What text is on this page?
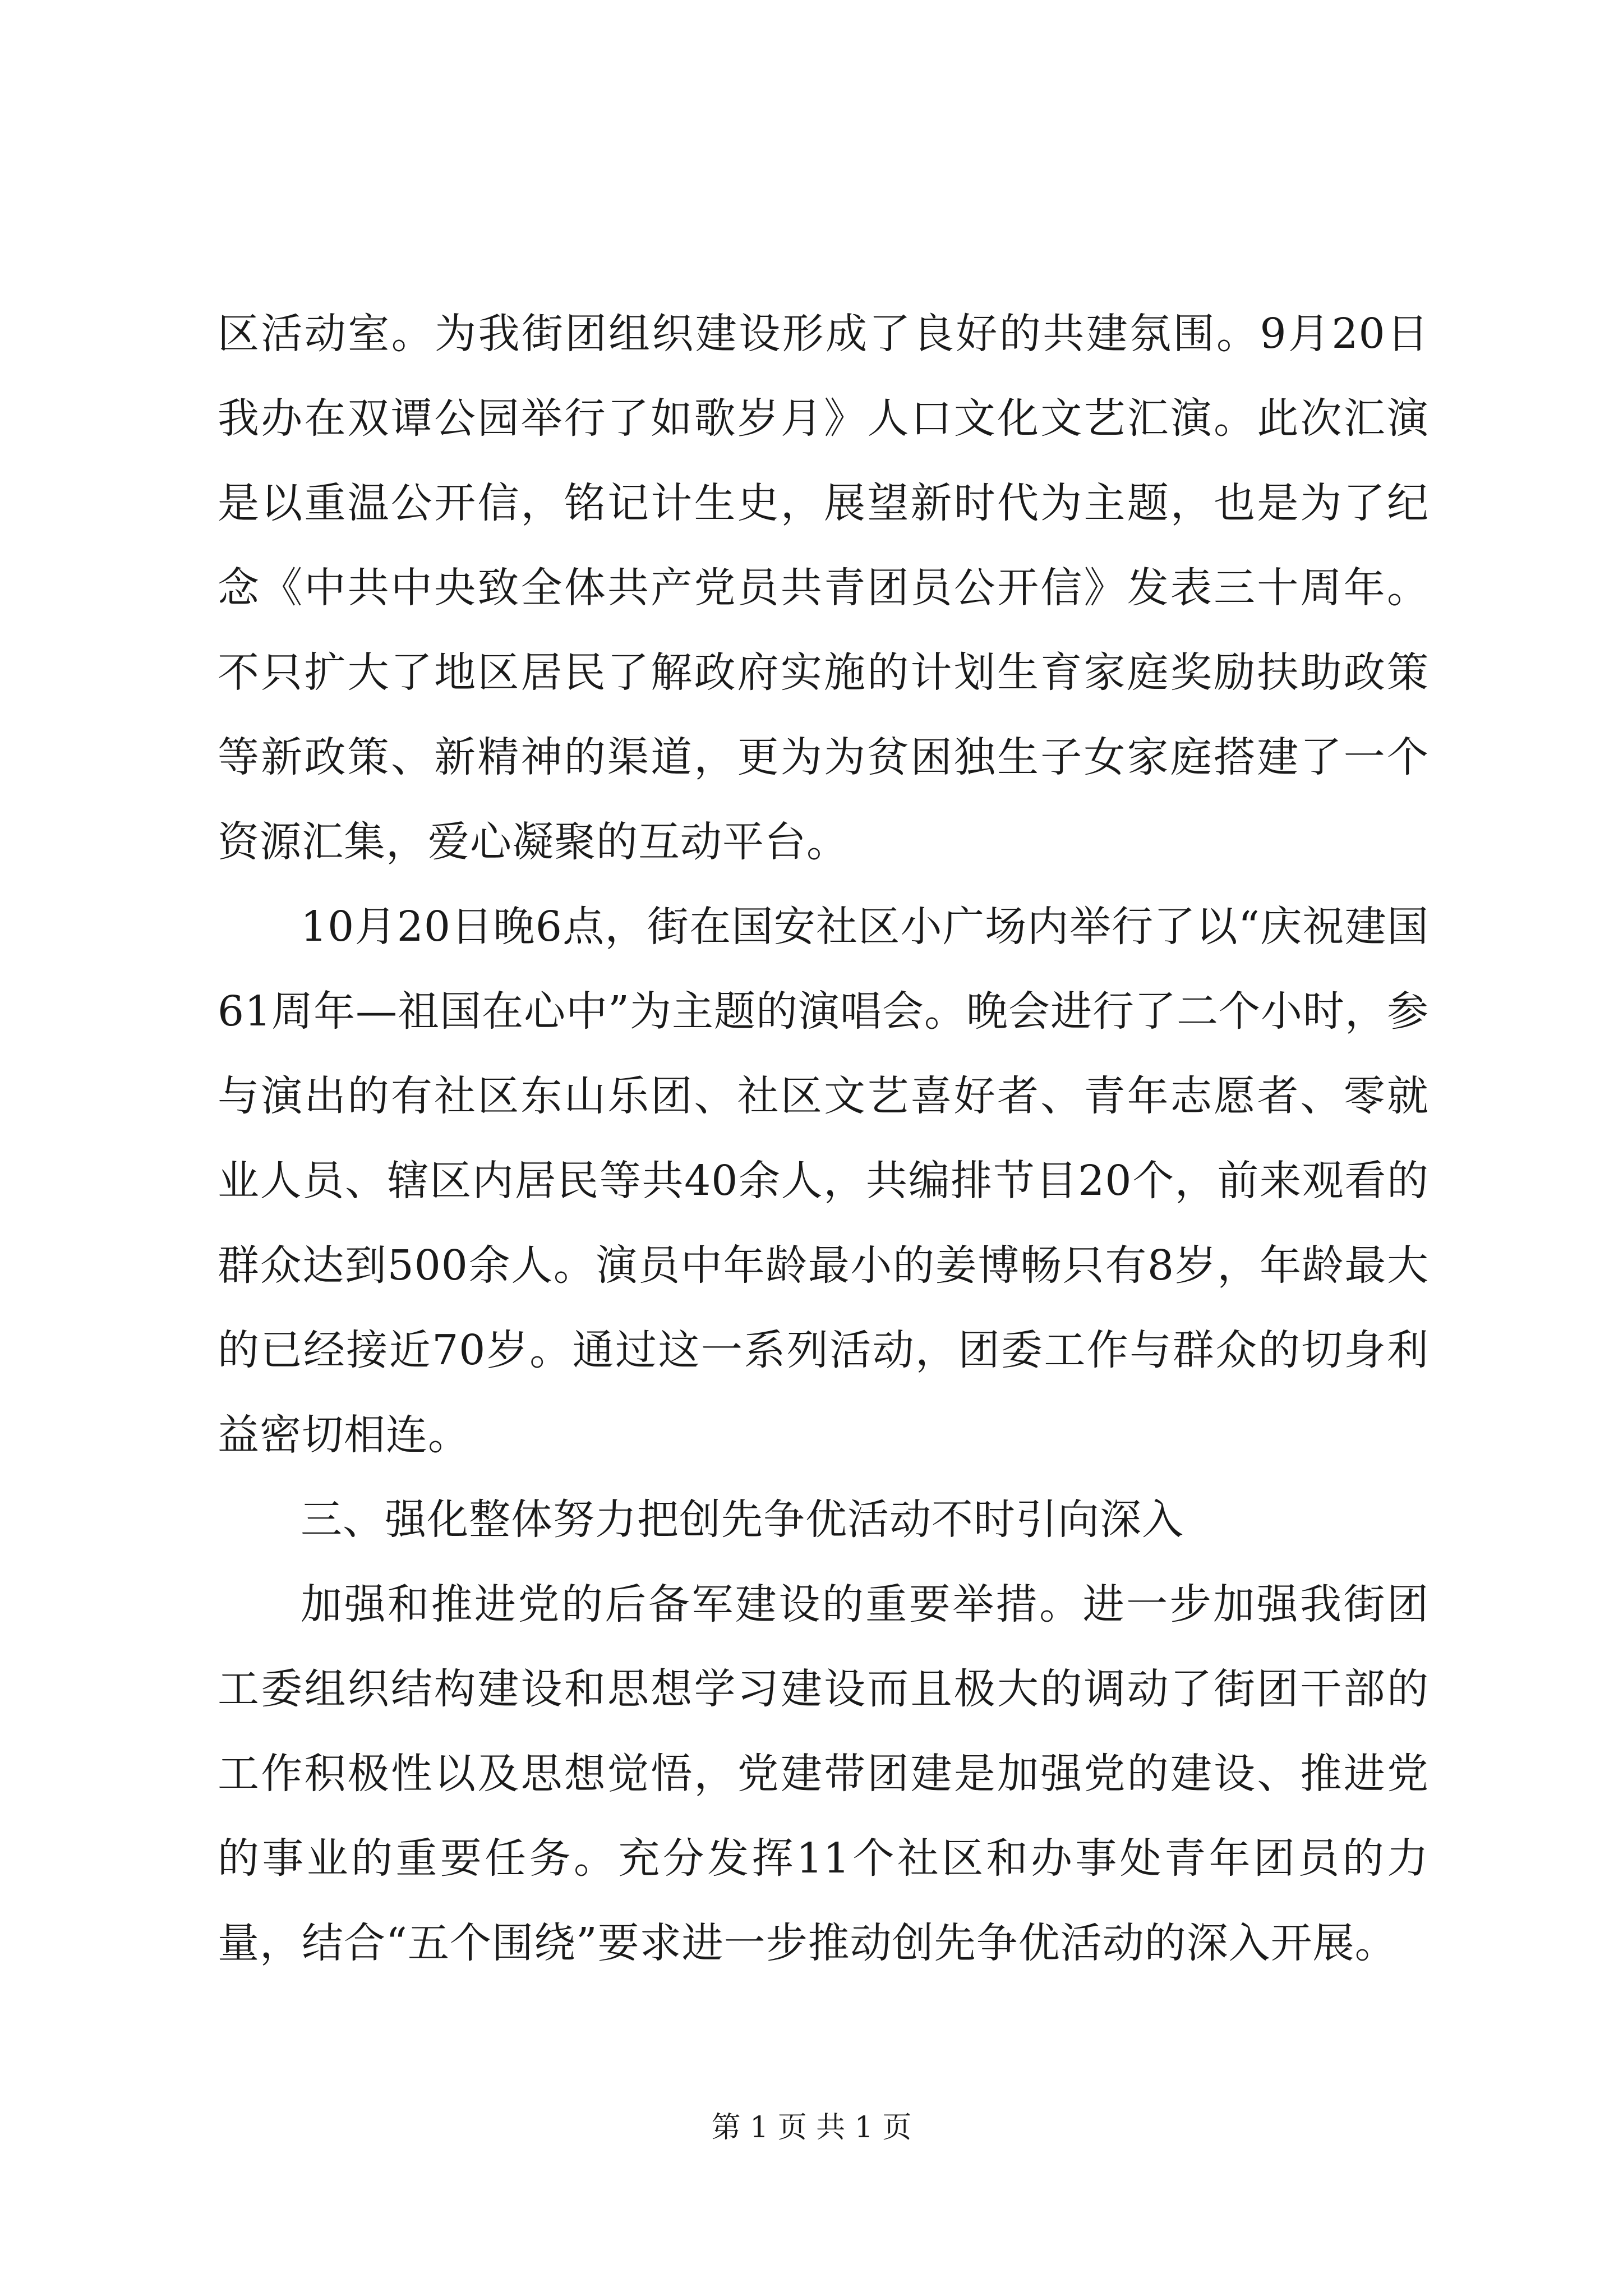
区活动室。为我街团组织建设形成了良好的共建氛围。9月20日我办在双谭公园举行了如歌岁月》人口文化文艺汇演。此次汇演是以重温公开信，铭记计生史，展望新时代为主题，也是为了纪念《中共中央致全体共产党员共青团员公开信》发表三十周年。不只扩大了地区居民了解政府实施的计划生育家庭奖励扶助政策等新政策、新精神的渠道，更为为贫困独生子女家庭搭建了一个资源汇集，爱心凝聚的互动平台。

10月20日晚6点，街在国安社区小广场内举行了以“庆祝建国61周年—祖国在心中”为主题的演唱会。晚会进行了二个小时，参与演出的有社区东山乐团、社区文艺喜好者、青年志愿者、零就业人员、辖区内居民等共40余人，共编排节目20个，前来观看的群众达到500余人。演员中年龄最小的姜博畅只有8岁，年龄最大的已经接近70岁。通过这一系列活动，团委工作与群众的切身利益密切相连。

三、强化整体努力把创先争优活动不时引向深入

加强和推进党的后备军建设的重要举措。进一步加强我街团工委组织结构建设和思想学习建设而且极大的调动了街团干部的工作积极性以及思想觉悟，党建带团建是加强党的建设、推进党的事业的重要任务。充分发挥11个社区和办事处青年团员的力量，结合“五个围绕”要求进一步推动创先争优活动的深入开展。

第 1 页 共 1 页
